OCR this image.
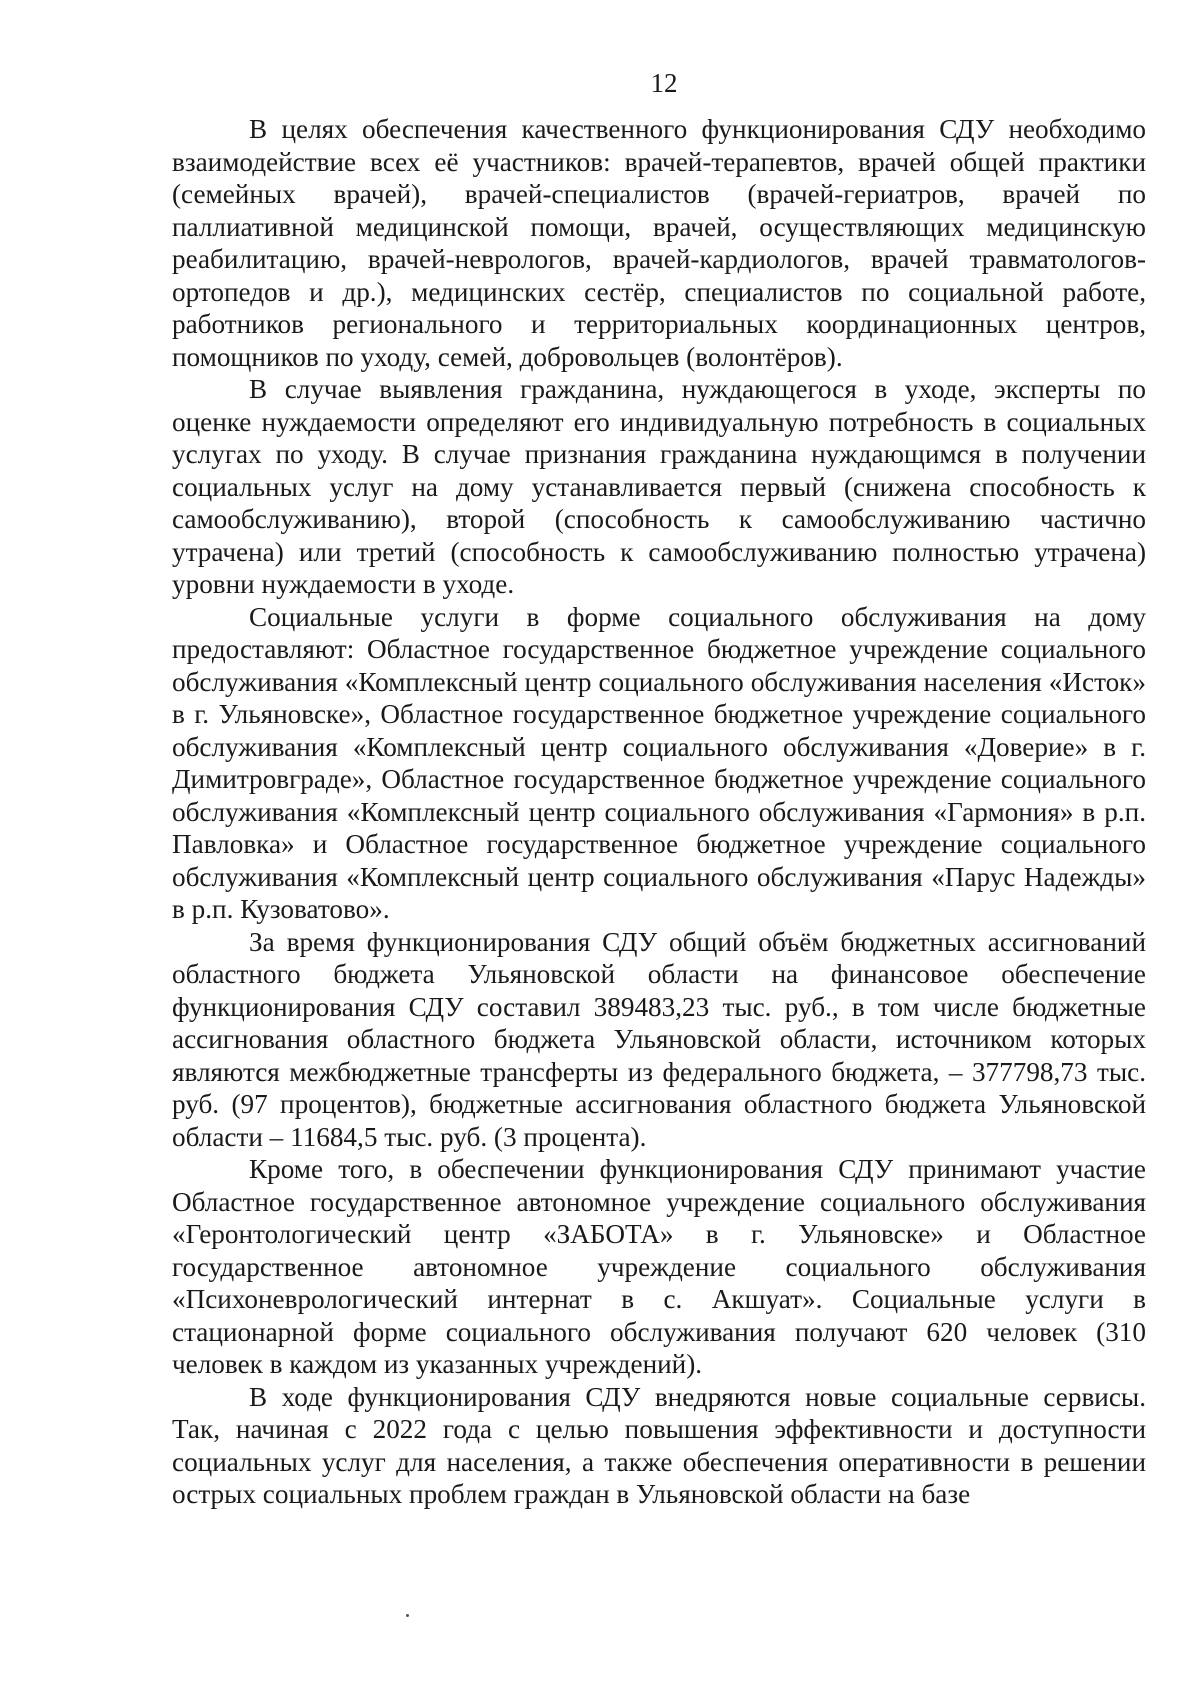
12

В целях обеспечения качественного функционирования СДУ необходимо взаимодействие всех её участников: врачей-терапевтов, врачей общей практики (семейных врачей), врачей-специалистов (врачей-гериатров, врачей по паллиативной медицинской помощи, врачей, осуществляющих медицинскую реабилитацию, врачей-неврологов, врачей-кардиологов, врачей травматологов-ортопедов и др.), медицинских сестёр, специалистов по социальной работе, работников регионального и территориальных координационных центров, помощников по уходу, семей, добровольцев (волонтёров).

В случае выявления гражданина, нуждающегося в уходе, эксперты по оценке нуждаемости определяют его индивидуальную потребность в социальных услугах по уходу. В случае признания гражданина нуждающимся в получении социальных услуг на дому устанавливается первый (снижена способность к самообслуживанию), второй (способность к самообслуживанию частично утрачена) или третий (способность к самообслуживанию полностью утрачена) уровни нуждаемости в уходе.

Социальные услуги в форме социального обслуживания на дому предоставляют: Областное государственное бюджетное учреждение социального обслуживания «Комплексный центр социального обслуживания населения «Исток» в г. Ульяновске», Областное государственное бюджетное учреждение социального обслуживания «Комплексный центр социального обслуживания «Доверие» в г. Димитровграде», Областное государственное бюджетное учреждение социального обслуживания «Комплексный центр социального обслуживания «Гармония» в р.п. Павловка» и Областное государственное бюджетное учреждение социального обслуживания «Комплексный центр социального обслуживания «Парус Надежды» в р.п. Кузоватово».

За время функционирования СДУ общий объём бюджетных ассигнований областного бюджета Ульяновской области на финансовое обеспечение функционирования СДУ составил 389483,23 тыс. руб., в том числе бюджетные ассигнования областного бюджета Ульяновской области, источником которых являются межбюджетные трансферты из федерального бюджета, – 377798,73 тыс. руб. (97 процентов), бюджетные ассигнования областного бюджета Ульяновской области – 11684,5 тыс. руб. (3 процента).

Кроме того, в обеспечении функционирования СДУ принимают участие Областное государственное автономное учреждение социального обслуживания «Геронтологический центр «ЗАБОТА» в г. Ульяновске» и Областное государственное автономное учреждение социального обслуживания «Психоневрологический интернат в с. Акшуат». Социальные услуги в стационарной форме социального обслуживания получают 620 человек (310 человек в каждом из указанных учреждений).

В ходе функционирования СДУ внедряются новые социальные сервисы. Так, начиная с 2022 года с целью повышения эффективности и доступности социальных услуг для населения, а также обеспечения оперативности в решении острых социальных проблем граждан в Ульяновской области на базе
